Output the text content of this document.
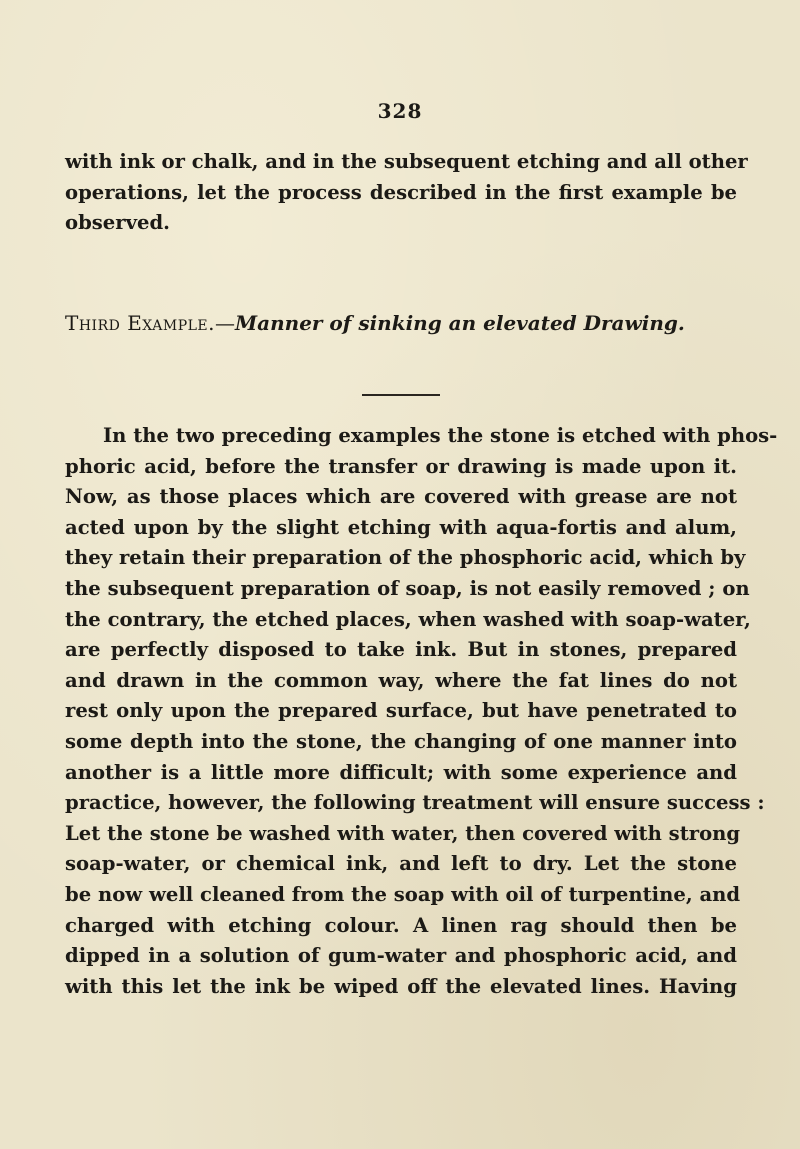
328
with ink or chalk, and in the subsequent etching and all other
operations, let the process described in the first example be
observed.
Third Example.—Manner of sinking an elevated Drawing.
In the two preceding examples the stone is etched with phos-
phoric acid, before the transfer or drawing is made upon it.
Now, as those places which are covered with grease are not
acted upon by the slight etching with aqua-fortis and alum,
they retain their preparation of the phosphoric acid, which by
the subsequent preparation of soap, is not easily removed ; on
the contrary, the etched places, when washed with soap-water,
are perfectly disposed to take ink. But in stones, prepared
and drawn in the common way, where the fat lines do not
rest only upon the prepared surface, but have penetrated to
some depth into the stone, the changing of one manner into
another is a little more difficult; with some experience and
practice, however, the following treatment will ensure success :
Let the stone be washed with water, then covered with strong
soap-water, or chemical ink, and left to dry. Let the stone
be now well cleaned from the soap with oil of turpentine, and
charged with etching colour. A linen rag should then be
dipped in a solution of gum-water and phosphoric acid, and
with this let the ink be wiped off the elevated lines. Having
